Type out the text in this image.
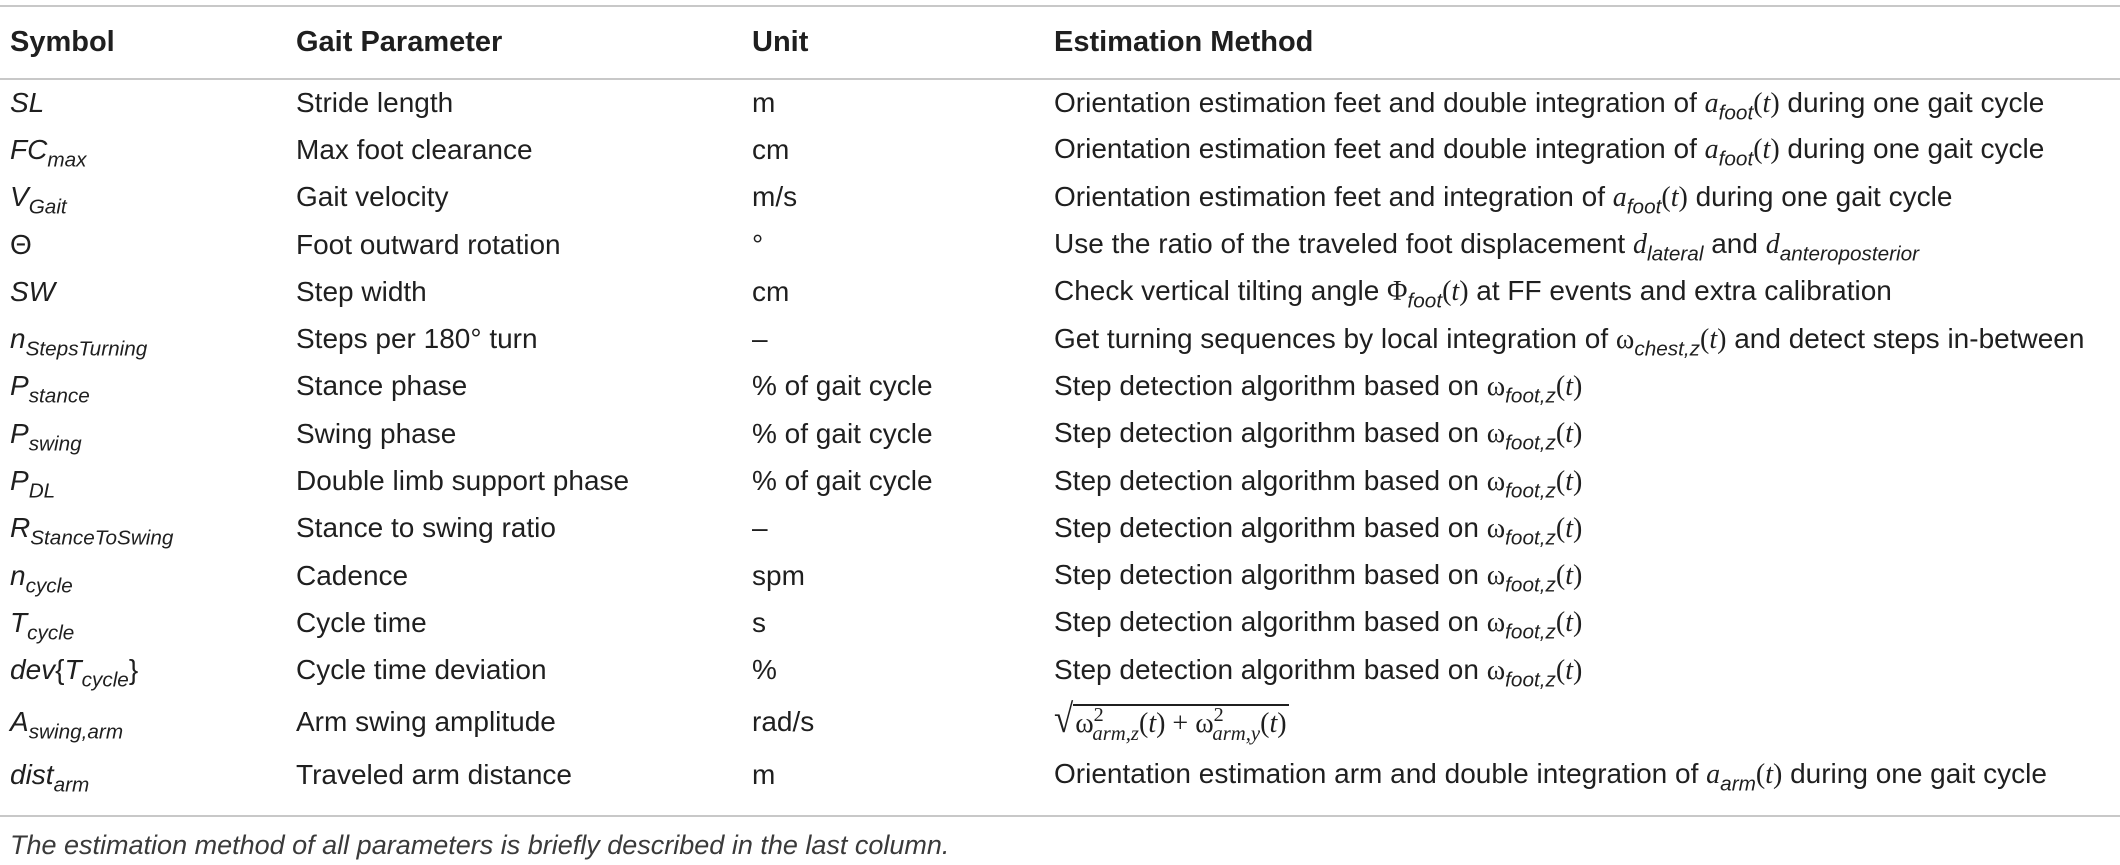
Symbol	Gait Parameter	Unit	Estimation Method
SL	Stride length	m	Orientation estimation feet and double integration of $a_{foot}(t)$ during one gait cycle
$FC_{max}$	Max foot clearance	cm	Orientation estimation feet and double integration of $a_{foot}(t)$ during one gait cycle
$V_{Gait}$	Gait velocity	m/s	Orientation estimation feet and integration of $a_{foot}(t)$ during one gait cycle
Θ	Foot outward rotation	°	Use the ratio of the traveled foot displacement $d_{lateral}$ and $d_{anteroposterior}$
SW	Step width	cm	Check vertical tilting angle $\Phi_{foot}(t)$ at FF events and extra calibration
$n_{StepsTurning}$	Steps per 180° turn	–	Get turning sequences by local integration of $\omega_{chest,z}(t)$ and detect steps in-between
$P_{stance}$	Stance phase	% of gait cycle	Step detection algorithm based on $\omega_{foot,z}(t)$
$P_{swing}$	Swing phase	% of gait cycle	Step detection algorithm based on $\omega_{foot,z}(t)$
$P_{DL}$	Double limb support phase	% of gait cycle	Step detection algorithm based on $\omega_{foot,z}(t)$
$R_{StanceToSwing}$	Stance to swing ratio	–	Step detection algorithm based on $\omega_{foot,z}(t)$
$n_{cycle}$	Cadence	spm	Step detection algorithm based on $\omega_{foot,z}(t)$
$T_{cycle}$	Cycle time	s	Step detection algorithm based on $\omega_{foot,z}(t)$
$dev\{T_{cycle}\}$	Cycle time deviation	%	Step detection algorithm based on $\omega_{foot,z}(t)$
$A_{swing,arm}$	Arm swing amplitude	rad/s	√ $\omega^2_{arm,z}(t) + \omega^2_{arm,y}(t)$

dist$_{arm}$	Traveled arm distance	m	Orientation estimation arm and double integration of $a_{arm}(t)$ during one gait cycle
The estimation method of all parameters is briefly described in the last column.
